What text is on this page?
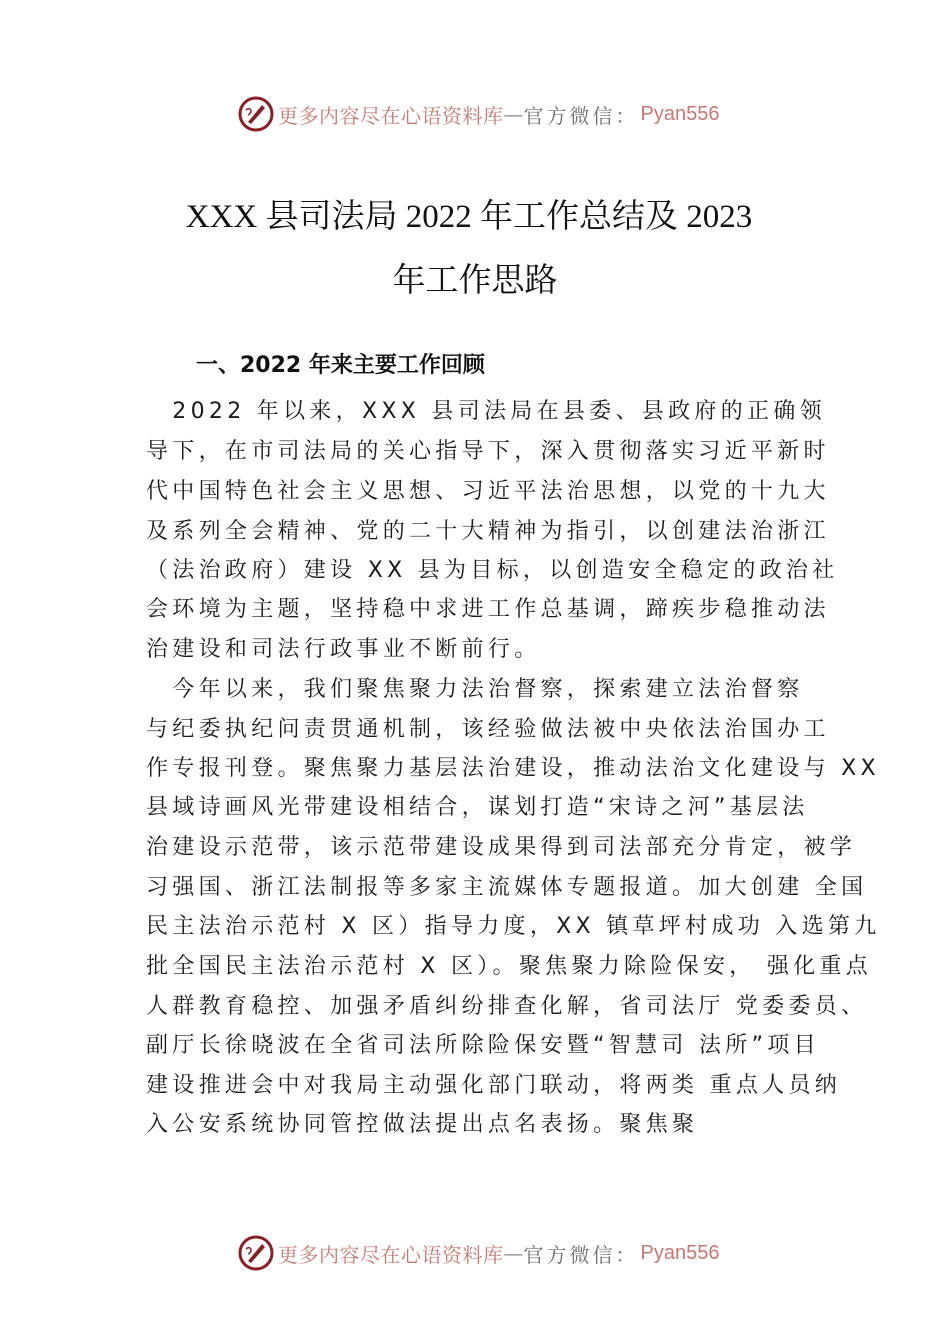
更多内容尽在心语资料库 — 官方微信： Pyan556
XXX 县司法局 2022 年工作总结及 2023
年工作思路
一、2022 年来主要工作回顾
　2022 年以来，XXX 县司法局在县委、县政府的正确领
导下，在市司法局的关心指导下，深入贯彻落实习近平新时
代中国特色社会主义思想、习近平法治思想，以党的十九大
及系列全会精神、党的二十大精神为指引，以创建法治浙江
（法治政府）建设 XX 县为目标，以创造安全稳定的政治社
会环境为主题，坚持稳中求进工作总基调，蹄疾步稳推动法
治建设和司法行政事业不断前行。
　今年以来，我们聚焦聚力法治督察，探索建立法治督察
与纪委执纪问责贯通机制，该经验做法被中央依法治国办工
作专报刊登。聚焦聚力基层法治建设，推动法治文化建设与 XX
县域诗画风光带建设相结合，谋划打造“宋诗之河”基层法
治建设示范带，该示范带建设成果得到司法部充分肯定，被学
习强国、浙江法制报等多家主流媒体专题报道。加大创建 全国
民主法治示范村 X 区）指导力度，XX 镇草坪村成功 入选第九
批全国民主法治示范村 X 区）。聚焦聚力除险保安， 强化重点
人群教育稳控、加强矛盾纠纷排查化解，省司法厅 党委委员、
副厅长徐晓波在全省司法所除险保安暨“智慧司 法所”项目
建设推进会中对我局主动强化部门联动，将两类 重点人员纳
入公安系统协同管控做法提出点名表扬。聚焦聚
更多内容尽在心语资料库 — 官方微信： Pyan556
